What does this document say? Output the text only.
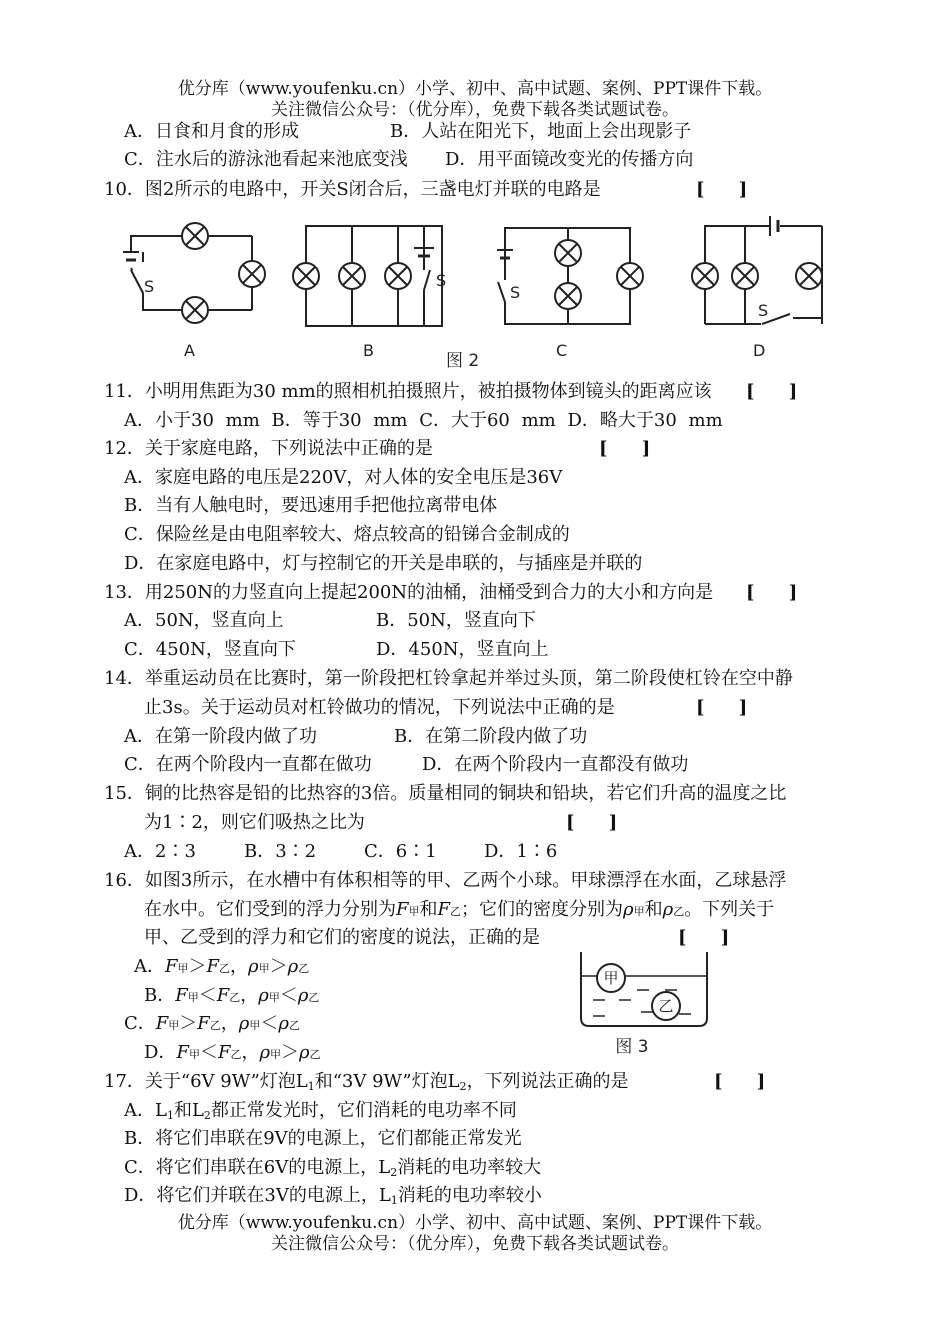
优分库（www.youfenku.cn）小学、初中、高中试题、案例、PPT课件下载。
关注微信公众号：（优分库），免费下载各类试题试卷。
A．日食和月食的形成	B．人站在阳光下，地面上会出现影子
C．注水后的游泳池看起来池底变浅 D．用平面镜改变光的传播方向
10．图2所示的电路中，开关S闭合后，三盏电灯并联的电路是	[ ]
S	S
S
S
A	B	C	D
图 2
11．小明用焦距为30 mm的照相机拍摄照片，被拍摄物体到镜头的距离应该 [ ]
A．小于30 mm B．等于30 mm C．大于60 mm D．略大于30 mm
12．关于家庭电路，下列说法中正确的是	[ ]
A．家庭电路的电压是220V，对人体的安全电压是36V
B．当有人触电时，要迅速用手把他拉离带电体
C．保险丝是由电阻率较大、熔点较高的铅锑合金制成的
D．在家庭电路中，灯与控制它的开关是串联的，与插座是并联的
13．用250N的力竖直向上提起200N的油桶，油桶受到合力的大小和方向是 [ ]
A．50N，竖直向上	B．50N，竖直向下
C．450N，竖直向下	D．450N，竖直向上
14．举重运动员在比赛时，第一阶段把杠铃拿起并举过头顶，第二阶段使杠铃在空中静
止3s。关于运动员对杠铃做功的情况，下列说法中正确的是	[ ]
A．在第一阶段内做了功	B．在第二阶段内做了功
C．在两个阶段内一直都在做功	D．在两个阶段内一直都没有做功
15．铜的比热容是铅的比热容的3倍。质量相同的铜块和铅块，若它们升高的温度之比
为1∶2，则它们吸热之比为	[ ]
A．2∶3	B．3∶2	C．6∶1	D．1∶6
16．如图3所示，在水槽中有体积相等的甲、乙两个小球。甲球漂浮在水面，乙球悬浮
在水中。它们受到的浮力分别为F甲和F乙；它们的密度分别为ρ甲和ρ乙。下列关于
甲、乙受到的浮力和它们的密度的说法，正确的是	[ ]
A．F甲＞F乙，ρ甲＞ρ乙
B．F甲＜F乙，ρ甲＜ρ乙
C．F甲＞F乙，ρ甲＜ρ乙
D．F甲＜F乙，ρ甲＞ρ乙
甲
乙
图 3
17．关于“6V 9W”灯泡$L_1$和“3V 9W”灯泡$L_2$，下列说法正确的是	[ ]
A．$L_1$和$L_2$都正常发光时，它们消耗的电功率不同
B．将它们串联在9V的电源上，它们都能正常发光
C．将它们串联在6V的电源上，$L_2$消耗的电功率较大
D．将它们并联在3V的电源上，$L_1$消耗的电功率较小
优分库（www.youfenku.cn）小学、初中、高中试题、案例、PPT课件下载。
关注微信公众号：（优分库），免费下载各类试题试卷。
